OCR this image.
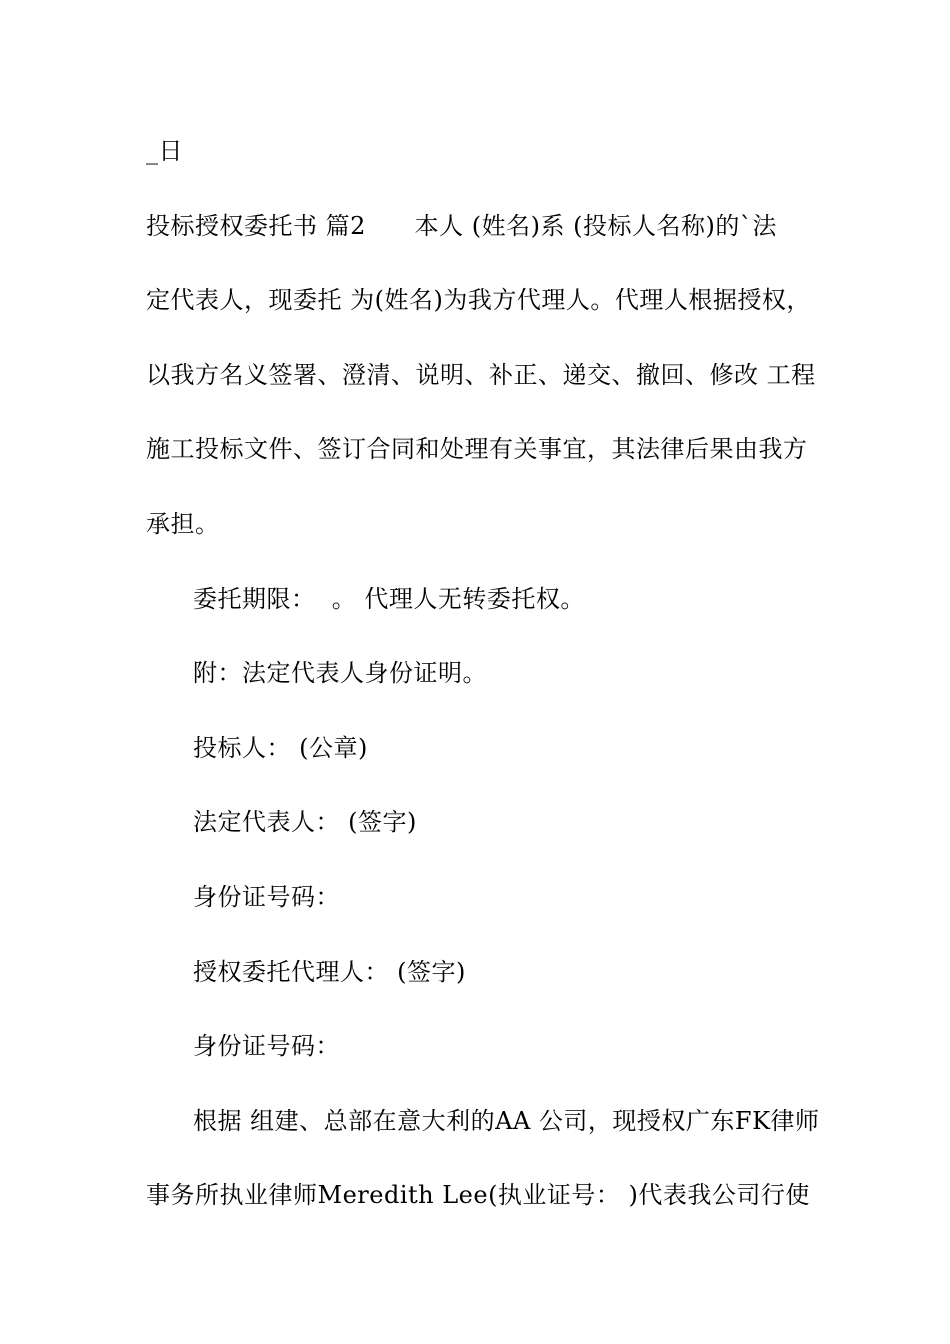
_日
投标授权委托书 篇2      本人 (姓名)系 (投标人名称)的`法
定代表人，现委托 为(姓名)为我方代理人。代理人根据授权，
以我方名义签署、澄清、说明、补正、递交、撤回、修改 工程
施工投标文件、签订合同和处理有关事宜，其法律后果由我方
承担。
委托期限：  。 代理人无转委托权。
附：法定代表人身份证明。
投标人： (公章)
法定代表人： (签字)
身份证号码：
授权委托代理人： (签字)
身份证号码：
根据 组建、总部在意大利的AA 公司，现授权广东FK律师
事务所执业律师Meredith Lee(执业证号： )代表我公司行使
